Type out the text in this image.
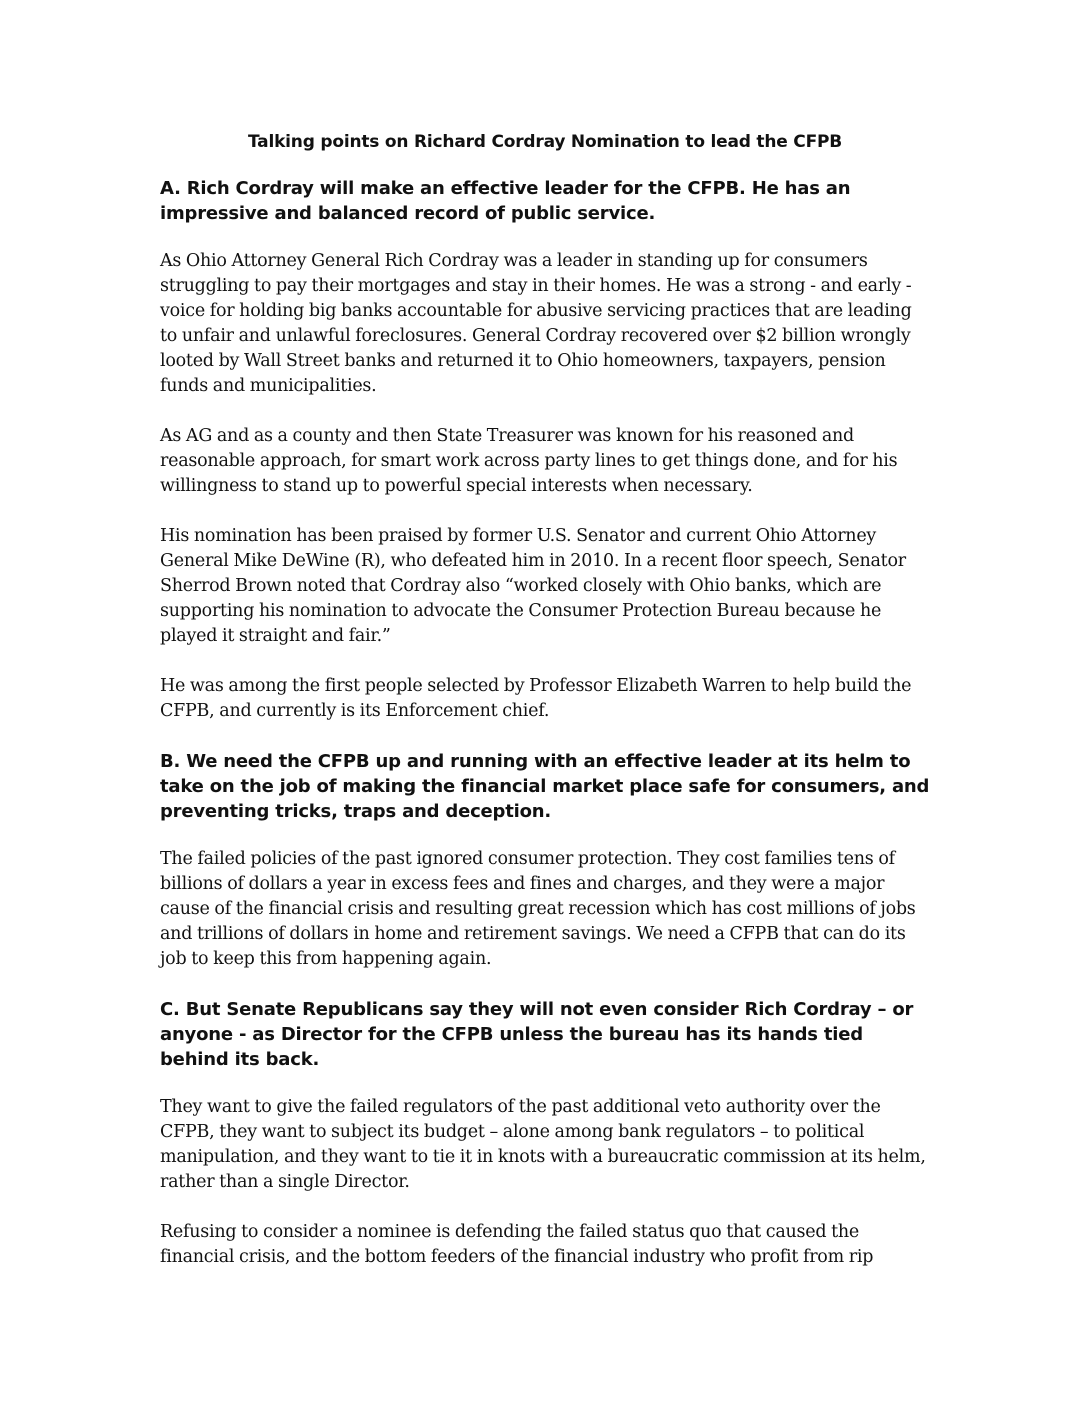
Talking points on Richard Cordray Nomination to lead the CFPB
A. Rich Cordray will make an effective leader for the CFPB. He has an impressive and balanced record of public service.

As Ohio Attorney General Rich Cordray was a leader in standing up for consumers struggling to pay their mortgages and stay in their homes. He was a strong - and early - voice for holding big banks accountable for abusive servicing practices that are leading to unfair and unlawful foreclosures. General Cordray recovered over $2 billion wrongly looted by Wall Street banks and returned it to Ohio homeowners, taxpayers, pension funds and municipalities.

As AG and as a county and then State Treasurer was known for his reasoned and reasonable approach, for smart work across party lines to get things done, and for his willingness to stand up to powerful special interests when necessary.

His nomination has been praised by former U.S. Senator and current Ohio Attorney General Mike DeWine (R), who defeated him in 2010. In a recent floor speech, Senator Sherrod Brown noted that Cordray also “worked closely with Ohio banks, which are supporting his nomination to advocate the Consumer Protection Bureau because he played it straight and fair.”

He was among the first people selected by Professor Elizabeth Warren to help build the CFPB, and currently is its Enforcement chief.

B. We need the CFPB up and running with an effective leader at its helm to take on the job of making the financial market place safe for consumers, and preventing tricks, traps and deception.

The failed policies of the past ignored consumer protection. They cost families tens of billions of dollars a year in excess fees and fines and charges, and they were a major cause of the financial crisis and resulting great recession which has cost millions of jobs and trillions of dollars in home and retirement savings. We need a CFPB that can do its job to keep this from happening again.

C. But Senate Republicans say they will not even consider Rich Cordray – or anyone - as Director for the CFPB unless the bureau has its hands tied behind its back.

They want to give the failed regulators of the past additional veto authority over the CFPB, they want to subject its budget – alone among bank regulators – to political manipulation, and they want to tie it in knots with a bureaucratic commission at its helm, rather than a single Director.

Refusing to consider a nominee is defending the failed status quo that caused the financial crisis, and the bottom feeders of the financial industry who profit from rip
